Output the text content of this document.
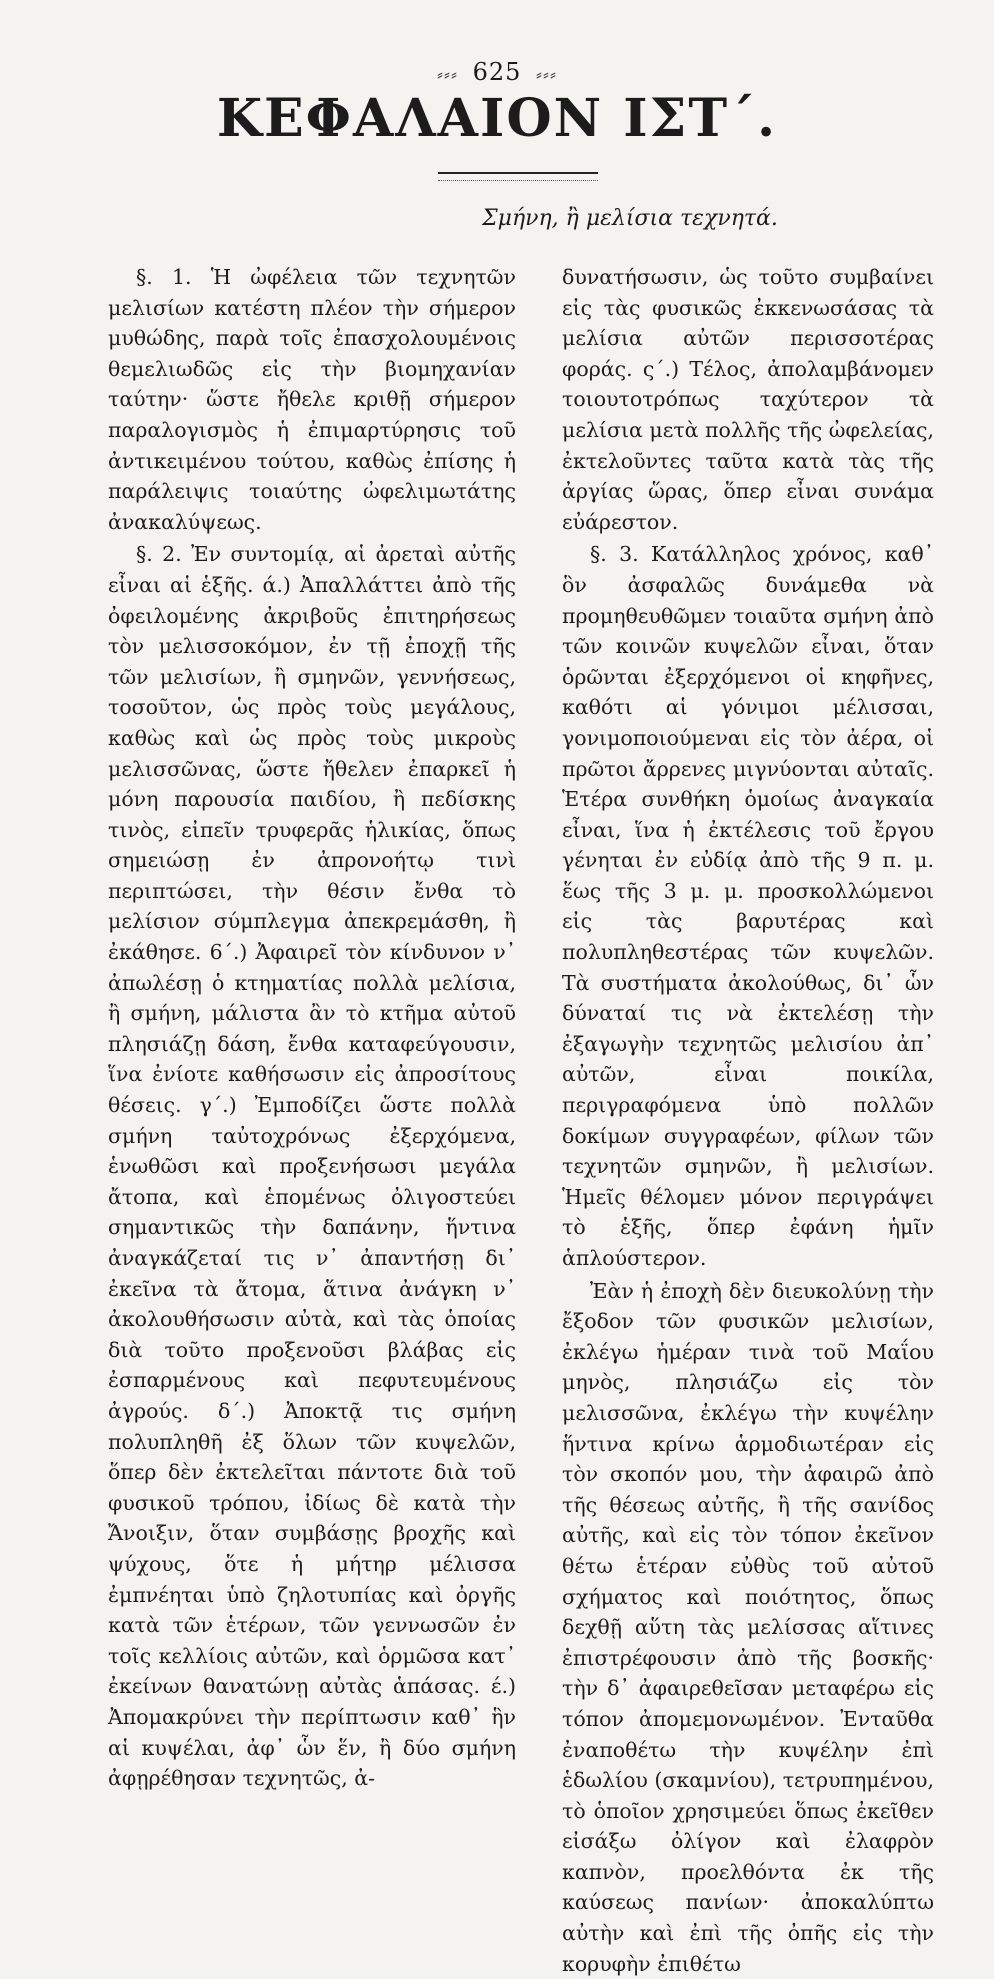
⸗⸗⸗ 625 ⸗⸗⸗
ΚΕΦΑΛΑΙΟΝ ΙΣΤ΄.
Σμήνη, ἢ μελίσια τεχνητά.

§. 1. Ἡ ὠφέλεια τῶν τεχνητῶν μελισίων κατέστη πλέον τὴν σήμερον μυθώδης, παρὰ τοῖς ἐπασχολουμένοις θεμελιωδῶς εἰς τὴν βιομηχανίαν ταύτην· ὥστε ἤθελε κριθῇ σήμερον παραλογισμὸς ἡ ἐπιμαρτύρησις τοῦ ἀντικειμένου τούτου, καθὼς ἐπίσης ἡ παράλειψις τοιαύτης ὠφελιμωτάτης ἀνακαλύψεως.

§. 2. Ἐν συντομίᾳ, αἱ ἀρεταὶ αὐτῆς εἶναι αἱ ἑξῆς. ά.) Ἀπαλλάττει ἀπὸ τῆς ὀφειλομένης ἀκριβοῦς ἐπιτηρήσεως τὸν μελισσοκόμον, ἐν τῇ ἐποχῇ τῆς τῶν μελισίων, ἢ σμηνῶν, γεννήσεως, τοσοῦτον, ὡς πρὸς τοὺς μεγάλους, καθὼς καὶ ὡς πρὸς τοὺς μικροὺς μελισσῶνας, ὥστε ἤθελεν ἐπαρκεῖ ἡ μόνη παρουσία παιδίου, ἢ πεδίσκης τινὸς, εἰπεῖν τρυφερᾶς ἡλικίας, ὅπως σημειώσῃ ἐν ἀπρονοήτῳ τινὶ περιπτώσει, τὴν θέσιν ἔνθα τὸ μελίσιον σύμπλεγμα ἀπεκρεμάσθη, ἢ ἐκάθησε. 6΄.) Ἀφαιρεῖ τὸν κίνδυνον ν᾽ ἀπωλέσῃ ὁ κτηματίας πολλὰ μελίσια, ἢ σμήνη, μάλιστα ἂν τὸ κτῆμα αὐτοῦ πλησιάζῃ δάση, ἔνθα καταφεύγουσιν, ἵνα ἐνίοτε καθήσωσιν εἰς ἀπροσίτους θέσεις. γ΄.) Ἐμποδίζει ὥστε πολλὰ σμήνη ταὐτοχρόνως ἐξερχόμενα, ἑνωθῶσι καὶ προξενήσωσι μεγάλα ἄτοπα, καὶ ἑπομένως ὀλιγοστεύει σημαντικῶς τὴν δαπάνην, ἥντινα ἀναγκάζεταί τις ν᾽ ἀπαντήσῃ δι᾽ ἐκεῖνα τὰ ἄτομα, ἅτινα ἀνάγκη ν᾽ ἀκολουθήσωσιν αὐτὰ, καὶ τὰς ὁποίας διὰ τοῦτο προξενοῦσι βλάβας εἰς ἐσπαρμένους καὶ πεφυτευμένους ἀγρούς. δ΄.) Ἀποκτᾷ τις σμήνη πολυπληθῆ ἐξ ὅλων τῶν κυψελῶν, ὅπερ δὲν ἐκτελεῖται πάντοτε διὰ τοῦ φυσικοῦ τρόπου, ἰδίως δὲ κατὰ τὴν Ἄνοιξιν, ὅταν συμβάσῃς βροχῆς καὶ ψύχους, ὅτε ἡ μήτηρ μέλισσα ἐμπνέηται ὑπὸ ζηλοτυπίας καὶ ὀργῆς κατὰ τῶν ἑτέρων, τῶν γεννωσῶν ἐν τοῖς κελλίοις αὐτῶν, καὶ ὁρμῶσα κατ᾽ ἐκείνων θανατώνῃ αὐτὰς ἁπάσας. έ.) Ἀπομακρύνει τὴν περίπτωσιν καθ᾽ ἣν αἱ κυψέλαι, ἀφ᾽ ὧν ἕν, ἢ δύο σμήνη ἀφῃρέθησαν τεχνητῶς, ἀ-

δυνατήσωσιν, ὡς τοῦτο συμβαίνει εἰς τὰς φυσικῶς ἐκκενωσάσας τὰ μελίσια αὐτῶν περισσοτέρας φοράς. ς΄.) Τέλος, ἀπολαμβάνομεν τοιουτοτρόπως ταχύτερον τὰ μελίσια μετὰ πολλῆς τῆς ὠφελείας, ἐκτελοῦντες ταῦτα κατὰ τὰς τῆς ἀργίας ὥρας, ὅπερ εἶναι συνάμα εὐάρεστον.

§. 3. Κατάλληλος χρόνος, καθ᾽ ὃν ἀσφαλῶς δυνάμεθα νὰ προμηθευθῶμεν τοιαῦτα σμήνη ἀπὸ τῶν κοινῶν κυψελῶν εἶναι, ὅταν ὁρῶνται ἐξερχόμενοι οἱ κηφῆνες, καθότι αἱ γόνιμοι μέλισσαι, γονιμοποιούμεναι εἰς τὸν ἀέρα, οἱ πρῶτοι ἄρρενες μιγνύονται αὐταῖς. Ἑτέρα συνθήκη ὁμοίως ἀναγκαία εἶναι, ἵνα ἡ ἐκτέλεσις τοῦ ἔργου γένηται ἐν εὐδίᾳ ἀπὸ τῆς 9 π. μ. ἕως τῆς 3 μ. μ. προσκολλώμενοι εἰς τὰς βαρυτέρας καὶ πολυπληθεστέρας τῶν κυψελῶν. Τὰ συστήματα ἀκολούθως, δι᾽ ὧν δύναταί τις νὰ ἐκτελέσῃ τὴν ἐξαγωγὴν τεχνητῶς μελισίου ἀπ᾽ αὐτῶν, εἶναι ποικίλα, περιγραφόμενα ὑπὸ πολλῶν δοκίμων συγγραφέων, φίλων τῶν τεχνητῶν σμηνῶν, ἢ μελισίων. Ἡμεῖς θέλομεν μόνον περιγράψει τὸ ἑξῆς, ὅπερ ἐφάνη ἡμῖν ἁπλούστερον.

Ἐὰν ἡ ἐποχὴ δὲν διευκολύνῃ τὴν ἔξοδον τῶν φυσικῶν μελισίων, ἐκλέγω ἡμέραν τινὰ τοῦ Μαΐου μηνὸς, πλησιάζω εἰς τὸν μελισσῶνα, ἐκλέγω τὴν κυψέλην ἥντινα κρίνω ἁρμοδιωτέραν εἰς τὸν σκοπόν μου, τὴν ἀφαιρῶ ἀπὸ τῆς θέσεως αὐτῆς, ἢ τῆς σανίδος αὐτῆς, καὶ εἰς τὸν τόπον ἐκεῖνον θέτω ἑτέραν εὐθὺς τοῦ αὐτοῦ σχήματος καὶ ποιότητος, ὅπως δεχθῇ αὕτη τὰς μελίσσας αἵτινες ἐπιστρέφουσιν ἀπὸ τῆς βοσκῆς· τὴν δ᾽ ἀφαιρεθεῖσαν μεταφέρω εἰς τόπον ἀπομεμονωμένον. Ἐνταῦθα ἐναποθέτω τὴν κυψέλην ἐπὶ ἑδωλίου (σκαμνίου), τετρυπημένου, τὸ ὁποῖον χρησιμεύει ὅπως ἐκεῖθεν εἰσάξω ὀλίγον καὶ ἐλαφρὸν καπνὸν, προελθόντα ἐκ τῆς καύσεως πανίων· ἀποκαλύπτω αὐτὴν καὶ ἐπὶ τῆς ὀπῆς εἰς τὴν κορυφὴν ἐπιθέτω
